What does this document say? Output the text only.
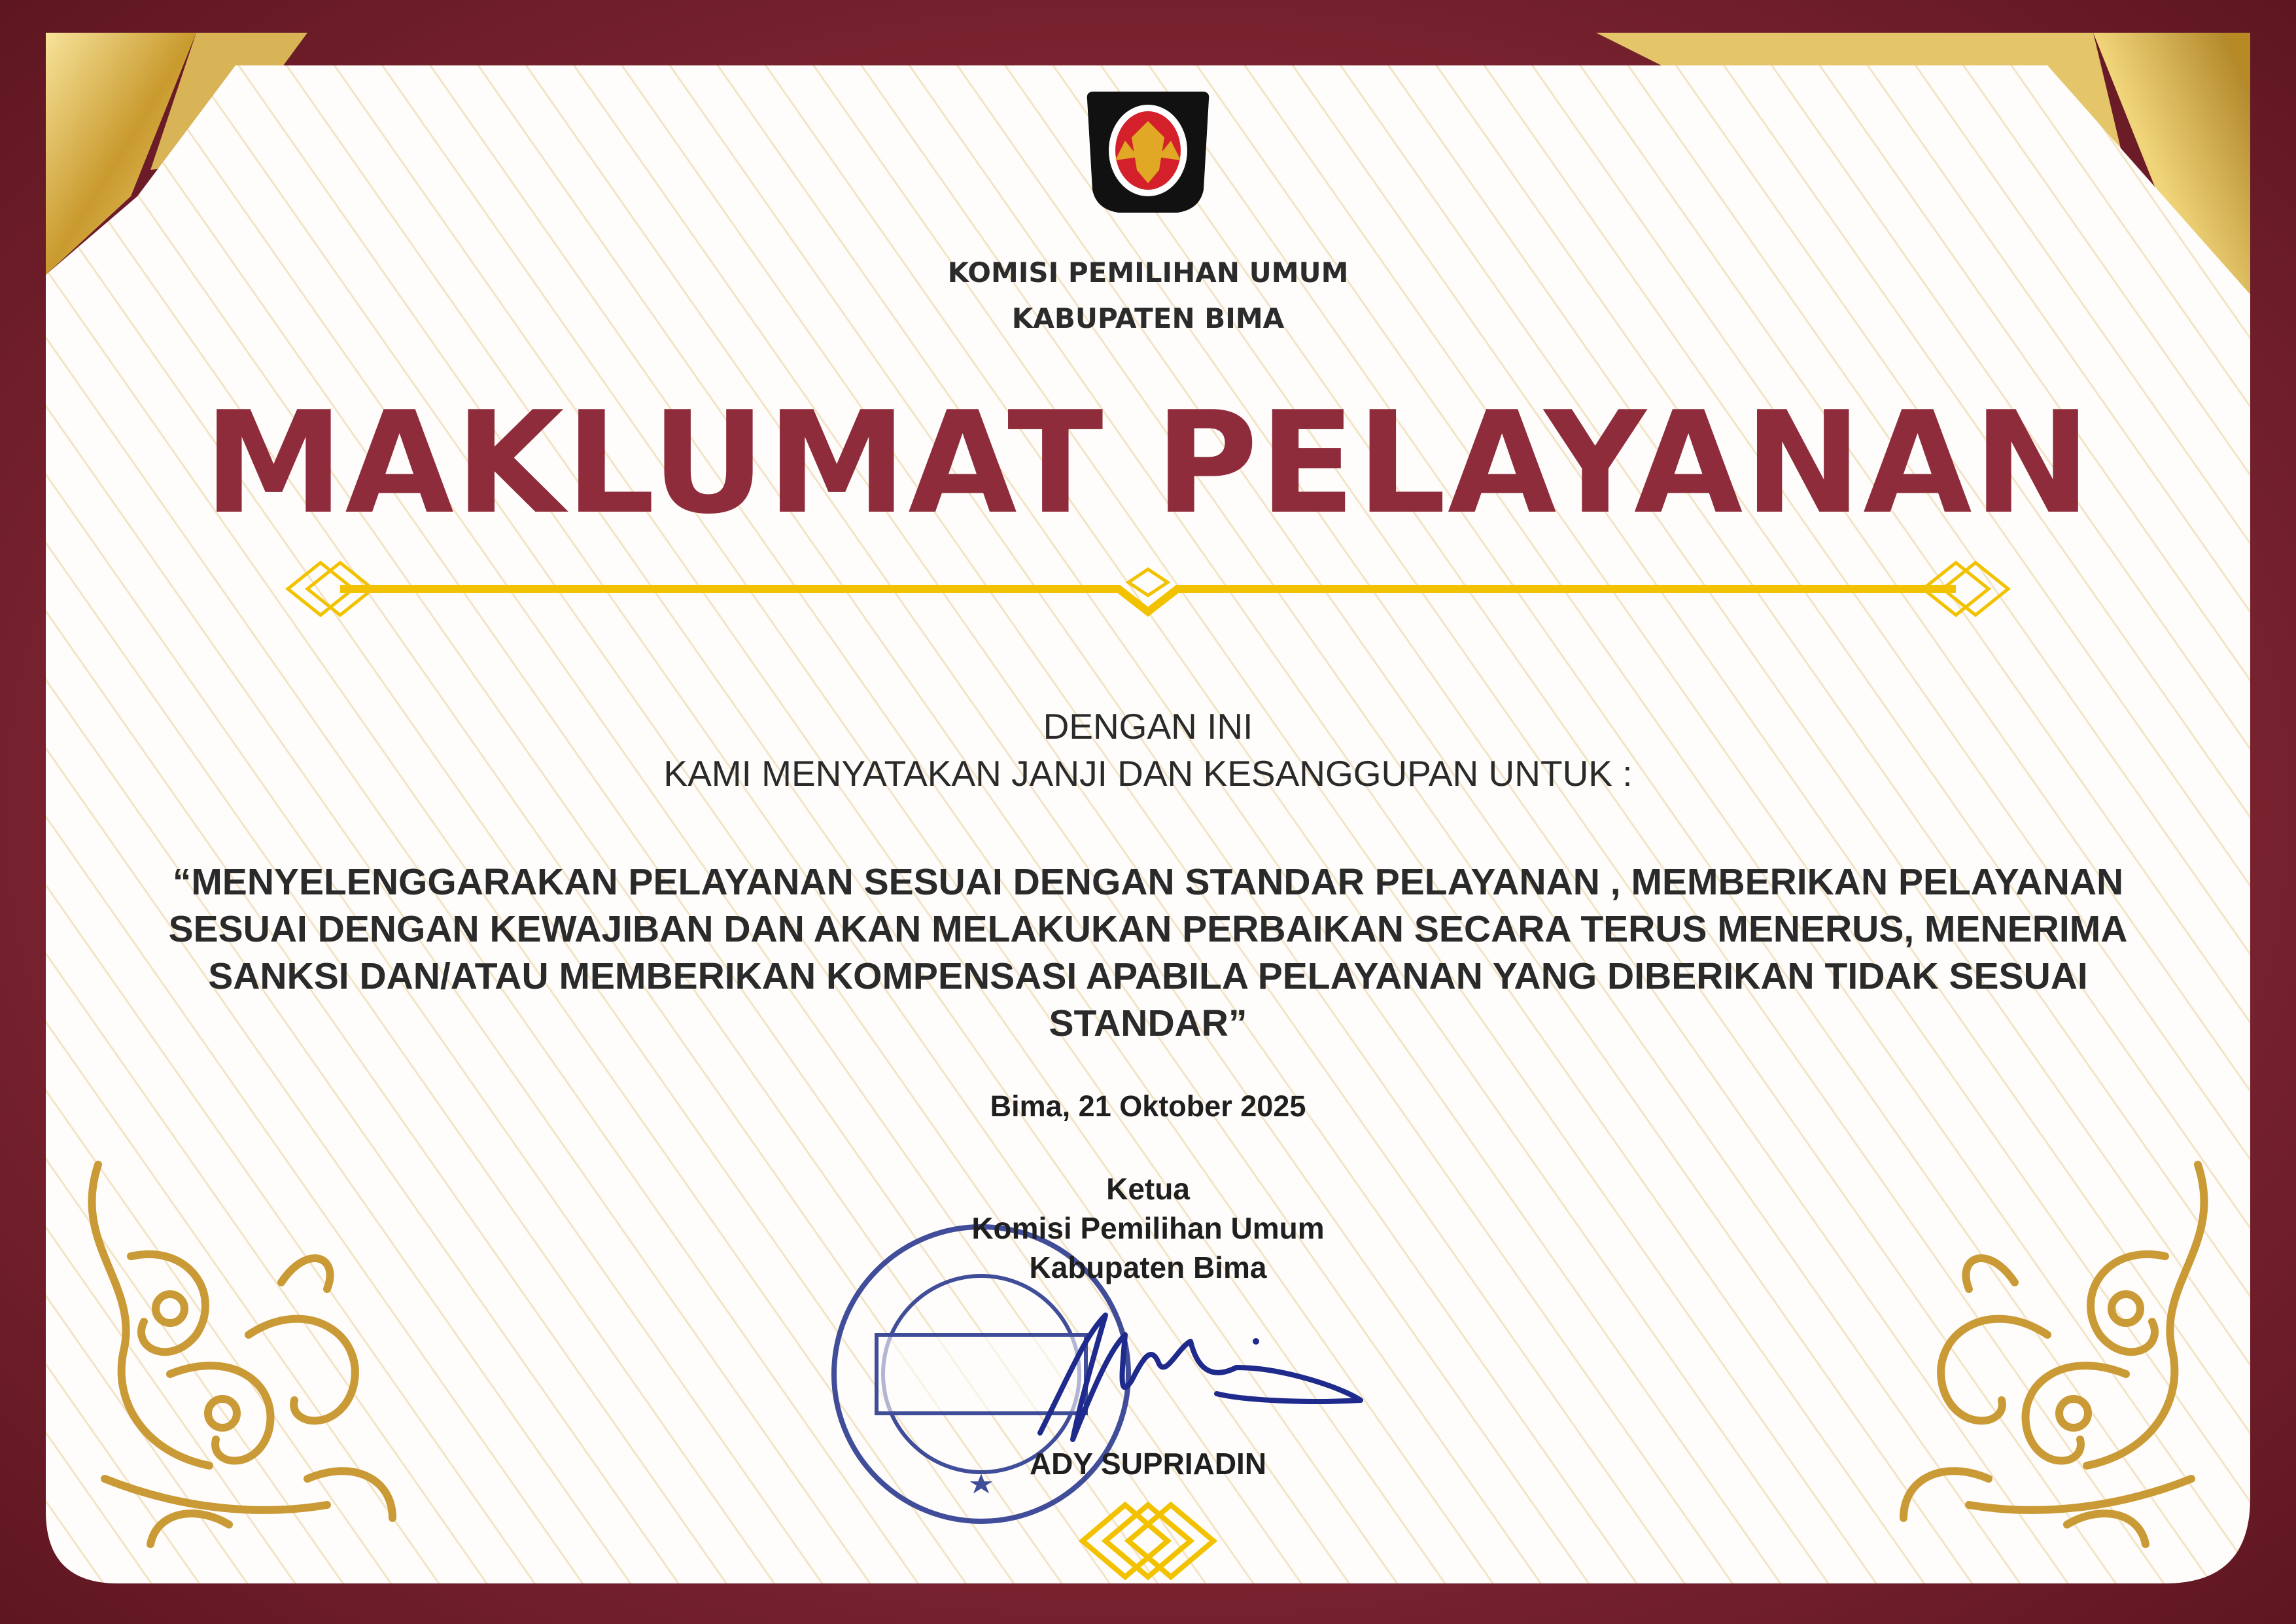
KOMISI PEMILIHAN UMUM
KABUPATEN BIMA
MAKLUMAT PELAYANAN
DENGAN INI
KAMI MENYATAKAN JANJI DAN KESANGGUPAN UNTUK :
“MENYELENGGARAKAN PELAYANAN SESUAI DENGAN STANDAR PELAYANAN , MEMBERIKAN PELAYANAN SESUAI DENGAN KEWAJIBAN DAN AKAN MELAKUKAN PERBAIKAN SECARA TERUS MENERUS, MENERIMA SANKSI DAN/ATAU MEMBERIKAN KOMPENSASI APABILA PELAYANAN YANG DIBERIKAN TIDAK SESUAI STANDAR”
Bima, 21 Oktober 2025
Ketua
Komisi Pemilihan Umum
Kabupaten Bima
ADY SUPRIADIN
